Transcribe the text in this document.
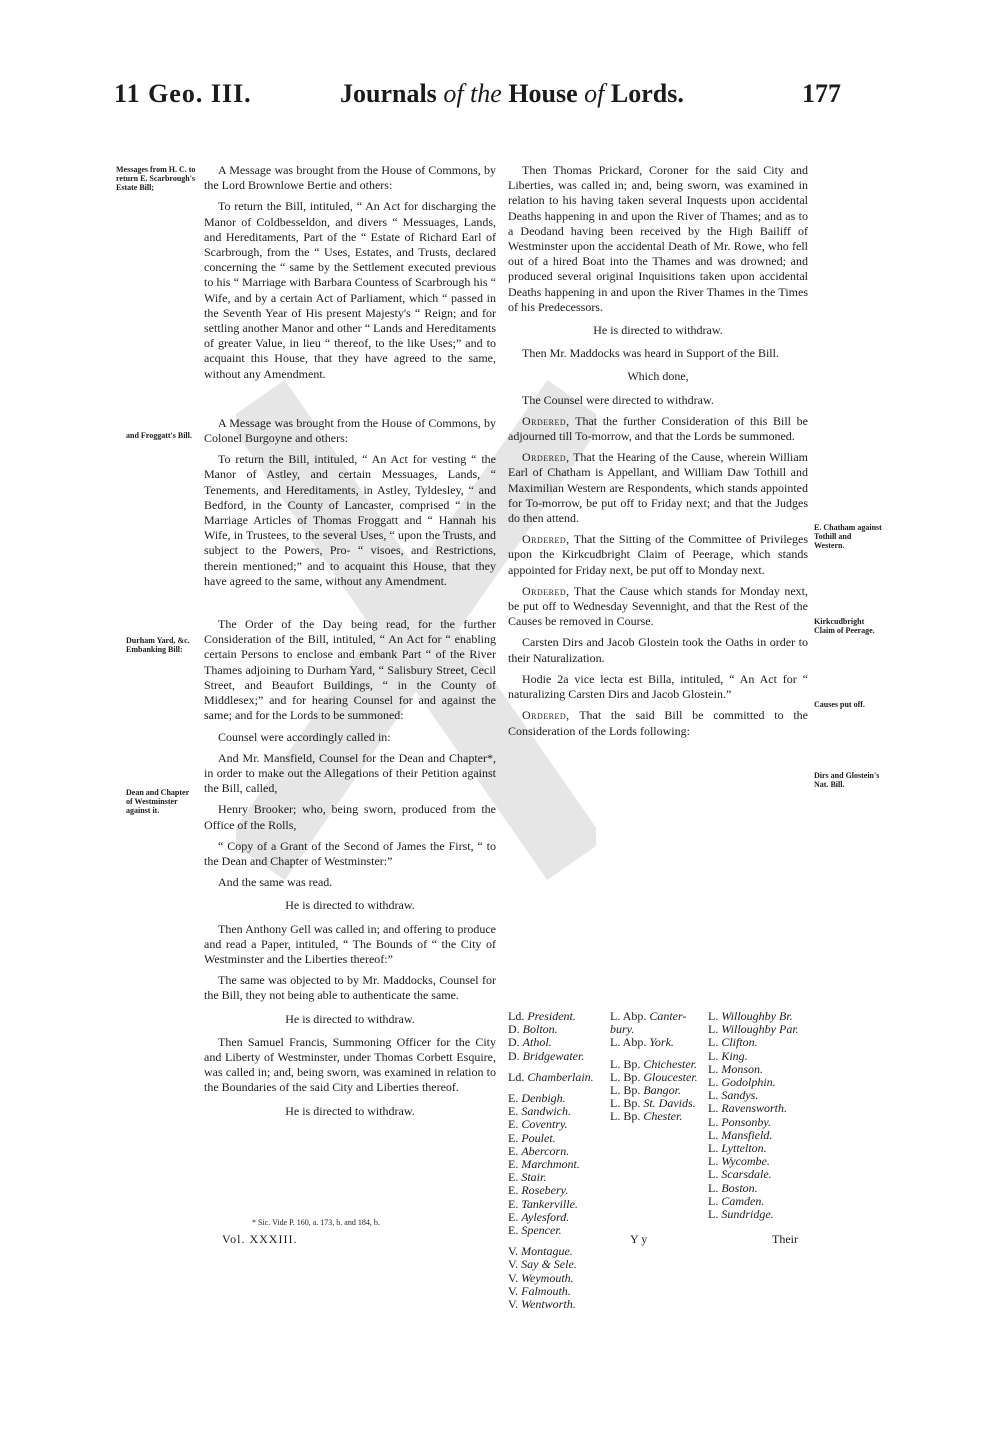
11 Geo. III.	Journals of the House of Lords.	177
Messages from H. C. to return E. Scarbrough's Estate Bill;
and Froggatt's Bill.
Durham Yard, &c. Embanking Bill:
Dean and Chapter of Westminster against it.
E. Chatham against Tothill and Western.
Kirkcudbright Claim of Peerage.
Causes put off.
Dirs and Glostein's Nat. Bill.

A Message was brought from the House of Commons, by the Lord Brownlowe Bertie and others:

To return the Bill, intituled, “ An Act for discharging the Manor of Coldbesseldon, and divers “ Messuages, Lands, and Hereditaments, Part of the “ Estate of Richard Earl of Scarbrough, from the “ Uses, Estates, and Trusts, declared concerning the “ same by the Settlement executed previous to his “ Marriage with Barbara Countess of Scarbrough his “ Wife, and by a certain Act of Parliament, which “ passed in the Seventh Year of His present Majesty's “ Reign; and for settling another Manor and other “ Lands and Hereditaments of greater Value, in lieu “ thereof, to the like Uses;” and to acquaint this House, that they have agreed to the same, without any Amendment.

A Message was brought from the House of Commons, by Colonel Burgoyne and others:

To return the Bill, intituled, “ An Act for vesting “ the Manor of Astley, and certain Messuages, Lands, “ Tenements, and Hereditaments, in Astley, Tyldesley, “ and Bedford, in the County of Lancaster, comprised “ in the Marriage Articles of Thomas Froggatt and “ Hannah his Wife, in Trustees, to the several Uses, “ upon the Trusts, and subject to the Powers, Pro- “ visoes, and Restrictions, therein mentioned;” and to acquaint this House, that they have agreed to the same, without any Amendment.

The Order of the Day being read, for the further Consideration of the Bill, intituled, “ An Act for “ enabling certain Persons to enclose and embank Part “ of the River Thames adjoining to Durham Yard, “ Salisbury Street, Cecil Street, and Beaufort Buildings, “ in the County of Middlesex;” and for hearing Counsel for and against the same; and for the Lords to be summoned:

Counsel were accordingly called in:

And Mr. Mansfield, Counsel for the Dean and Chapter*, in order to make out the Allegations of their Petition against the Bill, called,

Henry Brooker; who, being sworn, produced from the Office of the Rolls,

“ Copy of a Grant of the Second of James the First, “ to the Dean and Chapter of Westminster:”

And the same was read.

He is directed to withdraw.

Then Anthony Gell was called in; and offering to produce and read a Paper, intituled, “ The Bounds of “ the City of Westminster and the Liberties thereof:”

The same was objected to by Mr. Maddocks, Counsel for the Bill, they not being able to authenticate the same.

He is directed to withdraw.

Then Samuel Francis, Summoning Officer for the City and Liberty of Westminster, under Thomas Corbett Esquire, was called in; and, being sworn, was examined in relation to the Boundaries of the said City and Liberties thereof.

He is directed to withdraw.

Then Thomas Prickard, Coroner for the said City and Liberties, was called in; and, being sworn, was examined in relation to his having taken several Inquests upon accidental Deaths happening in and upon the River of Thames; and as to a Deodand having been received by the High Bailiff of Westminster upon the accidental Death of Mr. Rowe, who fell out of a hired Boat into the Thames and was drowned; and produced several original Inquisitions taken upon accidental Deaths happening in and upon the River Thames in the Times of his Predecessors.

He is directed to withdraw.

Then Mr. Maddocks was heard in Support of the Bill.

Which done,

The Counsel were directed to withdraw.

Ordered, That the further Consideration of this Bill be adjourned till To-morrow, and that the Lords be summoned.

Ordered, That the Hearing of the Cause, wherein William Earl of Chatham is Appellant, and William Daw Tothill and Maximilian Western are Respondents, which stands appointed for To-morrow, be put off to Friday next; and that the Judges do then attend.

Ordered, That the Sitting of the Committee of Privileges upon the Kirkcudbright Claim of Peerage, which stands appointed for Friday next, be put off to Monday next.

Ordered, That the Cause which stands for Monday next, be put off to Wednesday Sevennight, and that the Rest of the Causes be removed in Course.

Carsten Dirs and Jacob Glostein took the Oaths in order to their Naturalization.

Hodie 2a vice lecta est Billa, intituled, “ An Act for “ naturalizing Carsten Dirs and Jacob Glostein.”

Ordered, That the said Bill be committed to the Consideration of the Lords following:

Ld. President.
D. Bolton.
D. Athol.
D. Bridgewater.
Ld. Chamberlain.
E. Denbigh.
E. Sandwich.
E. Coventry.
E. Poulet.
E. Abercorn.
E. Marchmont.
E. Stair.
E. Rosebery.
E. Tankerville.
E. Aylesford.
E. Spencer.
V. Montague.
V. Say & Sele.
V. Weymouth.
V. Falmouth.
V. Wentworth.
L. Abp. Canter-
bury.
L. Abp. York.
L. Bp. Chichester.
L. Bp. Gloucester.
L. Bp. Bangor.
L. Bp. St. Davids.
L. Bp. Chester.
L. Willoughby Br.
L. Willoughby Par.
L. Clifton.
L. King.
L. Monson.
L. Godolphin.
L. Sandys.
L. Ravensworth.
L. Ponsonby.
L. Mansfield.
L. Lyttelton.
L. Wycombe.
L. Scarsdale.
L. Boston.
L. Camden.
L. Sundridge.
* Sic. Vide P. 160, a. 173, b. and 184, b.
Vol. XXXIII.	Y y	Their
